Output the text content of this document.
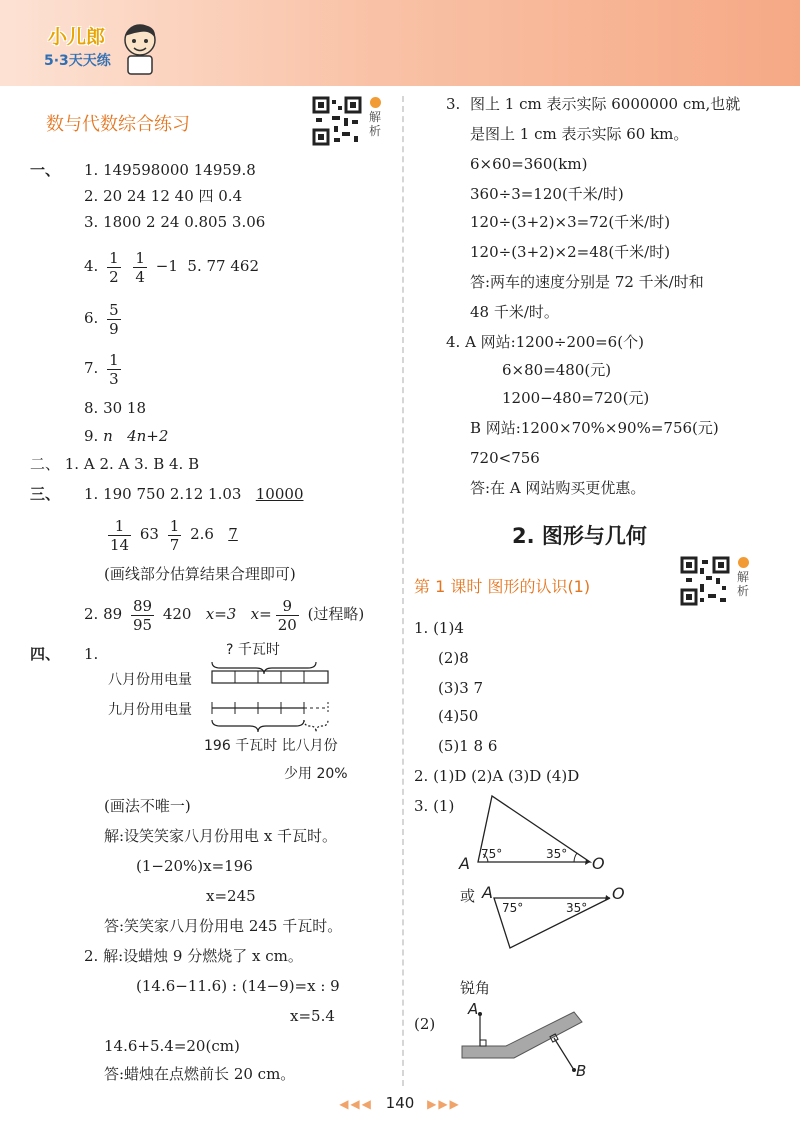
小儿郎
5·3天天练
数与代数综合练习	解析
一、 1. 149598000 14959.8
2. 20 24 12 40 四 0.4
3. 1800 2 24 0.805 3.06
4. $\frac{1}{2}$
$\frac{1}{4} -1$ 5. 77 462
6. $\frac{5}{9}$
7. $\frac{1}{3}$
8. 30 18
9. n 4n+2
二、 1. A 2. A 3. B 4. B
三、 1. 190 750 2.12 1.03 10000
$\frac{1}{14} 63 \frac{1}{7} 2.6$ 7
(画线部分估算结果合理即可)
2. $89 \frac{89}{95} 420$ x=3 $x= \frac{9}{20}$ (过程略)
四、 1.	? 千瓦时
八月份用电量
九月份用电量
196 千瓦时 比八月份
少用 20%
(画法不唯一)
解:设笑笑家八月份用电 x 千瓦时。
(1−20%)x=196
x=245
答:笑笑家八月份用电 245 千瓦时。
2. 解:设蜡烛 9 分燃烧了 x cm。
(14.6−11.6) : (14−9)=x : 9
x=5.4
14.6+5.4=20(cm)
答:蜡烛在点燃前长 20 cm。
3. 图上 1 cm 表示实际 6000000 cm,也就
是图上 1 cm 表示实际 60 km。
6×60=360(km)
360÷3=120(千米/时)
120÷(3+2)×3=72(千米/时)
120÷(3+2)×2=48(千米/时)
答:两车的速度分别是 72 千米/时和
48 千米/时。
4. A 网站:1200÷200=6(个)
6×80=480(元)
1200−480=720(元)
B 网站:1200×70%×90%=756(元)
720<756
答:在 A 网站购买更优惠。
2. 图形与几何
第 1 课时 图形的认识(1)	解析
1. (1)4
(2)8
(3)3 7
(4)50
(5)1 8 6
2. (1)D (2)A (3)D (4)D
3. (1)
A 75°	35° O
A
75°	35°
O
或
锐角
(2)
A
B
◀◀◀ 140 ▶▶▶
